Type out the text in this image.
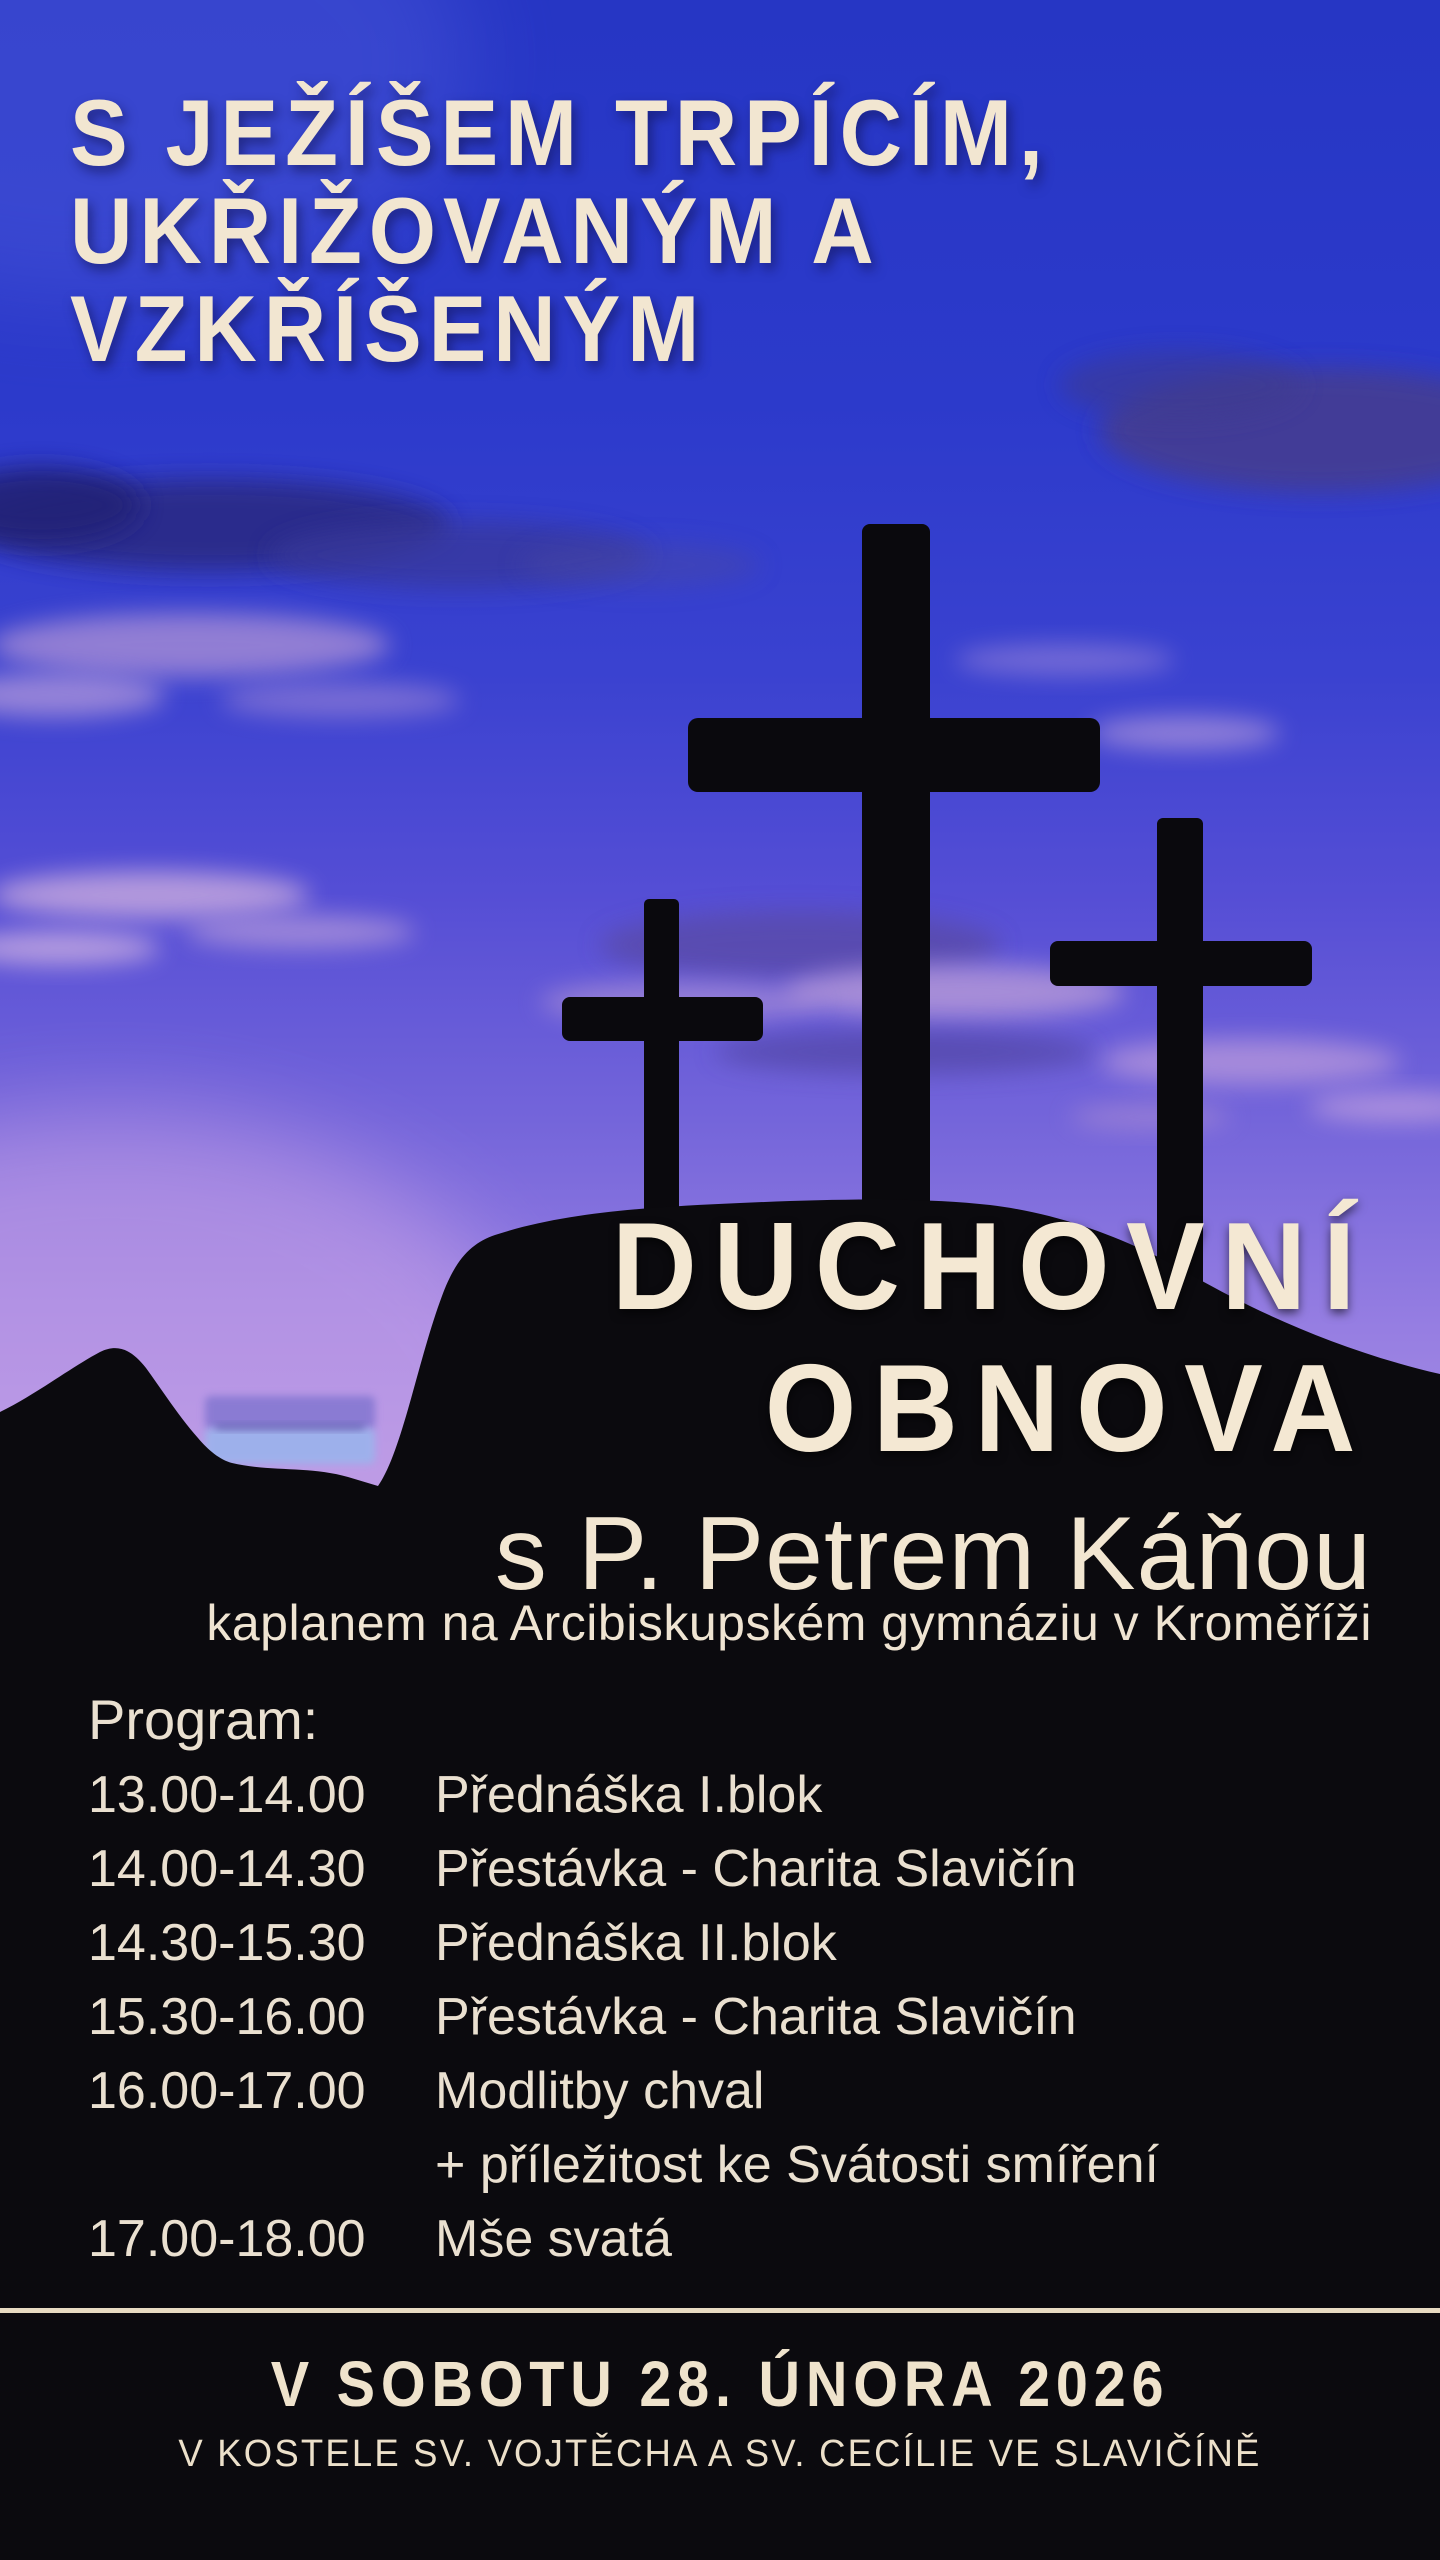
S JEŽÍŠEM TRPÍCÍM,
UKŘIŽOVANÝM A
VZKŘÍŠENÝM
DUCHOVNÍ
OBNOVA
s P. Petrem Káňou
kaplanem na Arcibiskupském gymnáziu v Kroměříži
Program:
13.00-14.00	Přednáška I.blok
14.00-14.30	Přestávka - Charita Slavičín
14.30-15.30	Přednáška II.blok
15.30-16.00	Přestávka - Charita Slavičín
16.00-17.00	Modlitby chval
+ příležitost ke Svátosti smíření
17.00-18.00	Mše svatá
V SOBOTU 28. ÚNORA 2026
V KOSTELE SV. VOJTĚCHA A SV. CECÍLIE VE SLAVIČÍNĚ
